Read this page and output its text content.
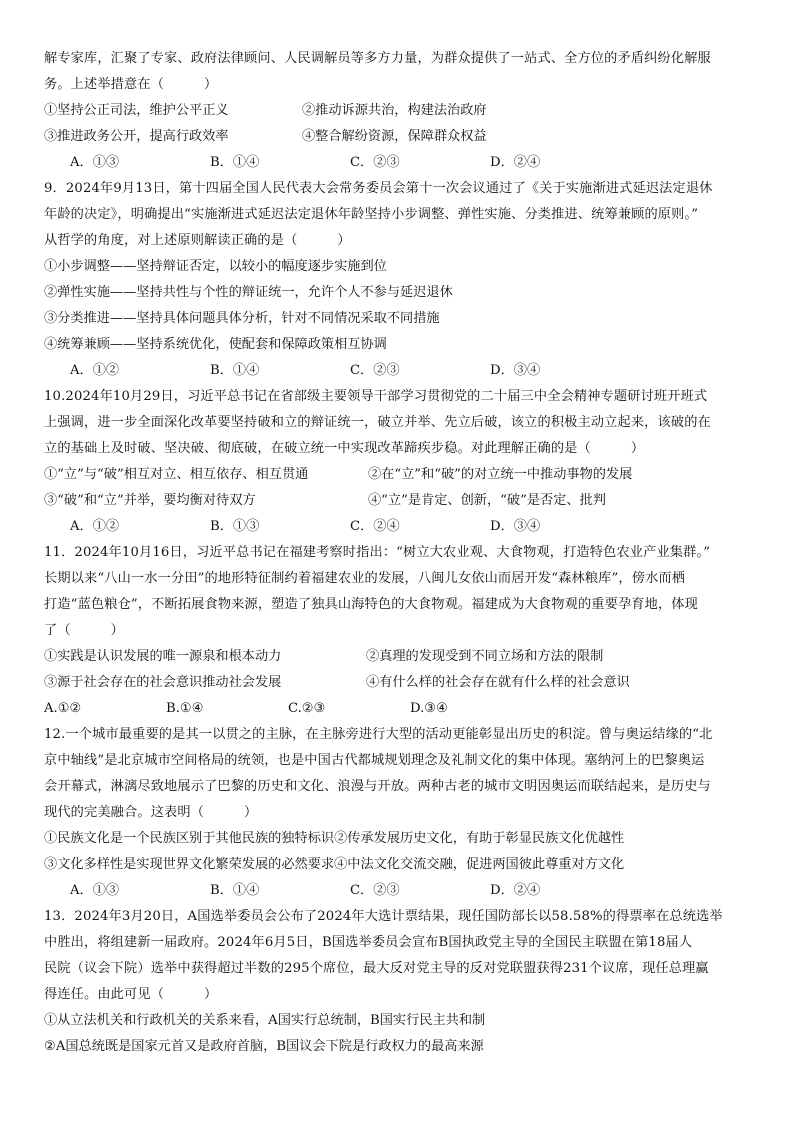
解专家库，汇聚了专家、政府法律顾问、人民调解员等多方力量，为群众提供了一站式、全方位的矛盾纠纷化解服
务。上述举措意在（　　　）
①坚持公正司法，维护公平正义	②推动诉源共治，构建法治政府
③推进政务公开，提高行政效率	④整合解纷资源，保障群众权益
A．①③	B．①④	C．②③	D．②④
9．2024年9月13日，第十四届全国人民代表大会常务委员会第十一次会议通过了《关于实施渐进式延迟法定退休
年龄的决定》，明确提出“实施渐进式延迟法定退休年龄坚持小步调整、弹性实施、分类推进、统筹兼顾的原则。”
从哲学的角度，对上述原则解读正确的是（　　　）
①小步调整——坚持辩证否定，以较小的幅度逐步实施到位
②弹性实施——坚持共性与个性的辩证统一，允许个人不参与延迟退休
③分类推进——坚持具体问题具体分析，针对不同情况采取不同措施
④统筹兼顾——坚持系统优化，使配套和保障政策相互协调
A．①②	B．①④	C．②③	D．③④
10.2024年10月29日，习近平总书记在省部级主要领导干部学习贯彻党的二十届三中全会精神专题研讨班开班式
上强调，进一步全面深化改革要坚持破和立的辩证统一，破立并举、先立后破，该立的积极主动立起来，该破的在
立的基础上及时破、坚决破、彻底破，在破立统一中实现改革蹄疾步稳。对此理解正确的是（　　　）
①“立”与“破”相互对立、相互依存、相互贯通	②在“立”和“破”的对立统一中推动事物的发展
③“破”和“立”并举，要均衡对待双方	④“立”是肯定、创新，“破”是否定、批判
A．①②	B．①③	C．②④	D．③④
11．2024年10月16日，习近平总书记在福建考察时指出：“树立大农业观、大食物观，打造特色农业产业集群。”
长期以来“八山一水一分田”的地形特征制约着福建农业的发展，八闽儿女依山而居开发“森林粮库”，傍水而栖
打造“蓝色粮仓”，不断拓展食物来源，塑造了独具山海特色的大食物观。福建成为大食物观的重要孕育地，体现
了（　　　）
①实践是认识发展的唯一源泉和根本动力	②真理的发现受到不同立场和方法的限制
③源于社会存在的社会意识推动社会发展	④有什么样的社会存在就有什么样的社会意识
A.①②	B.①④	C.②③	D.③④
12.一个城市最重要的是其一以贯之的主脉，在主脉旁进行大型的活动更能彰显出历史的积淀。曾与奥运结缘的“北
京中轴线”是北京城市空间格局的统领，也是中国古代都城规划理念及礼制文化的集中体现。塞纳河上的巴黎奥运
会开幕式，淋漓尽致地展示了巴黎的历史和文化、浪漫与开放。两种古老的城市文明因奥运而联结起来，是历史与
现代的完美融合。这表明（　　　）
①民族文化是一个民族区别于其他民族的独特标识②传承发展历史文化，有助于彰显民族文化优越性
③文化多样性是实现世界文化繁荣发展的必然要求④中法文化交流交融，促进两国彼此尊重对方文化
A．①③	B．①④	C．②③	D．②④
13．2024年3月20日，A国选举委员会公布了2024年大选计票结果，现任国防部长以58.58%的得票率在总统选举
中胜出，将组建新一届政府。2024年6月5日，B国选举委员会宣布B国执政党主导的全国民主联盟在第18届人
民院（议会下院）选举中获得超过半数的295个席位，最大反对党主导的反对党联盟获得231个议席，现任总理赢
得连任。由此可见（　　　）
①从立法机关和行政机关的关系来看，A国实行总统制，B国实行民主共和制
②A国总统既是国家元首又是政府首脑，B国议会下院是行政权力的最高来源
